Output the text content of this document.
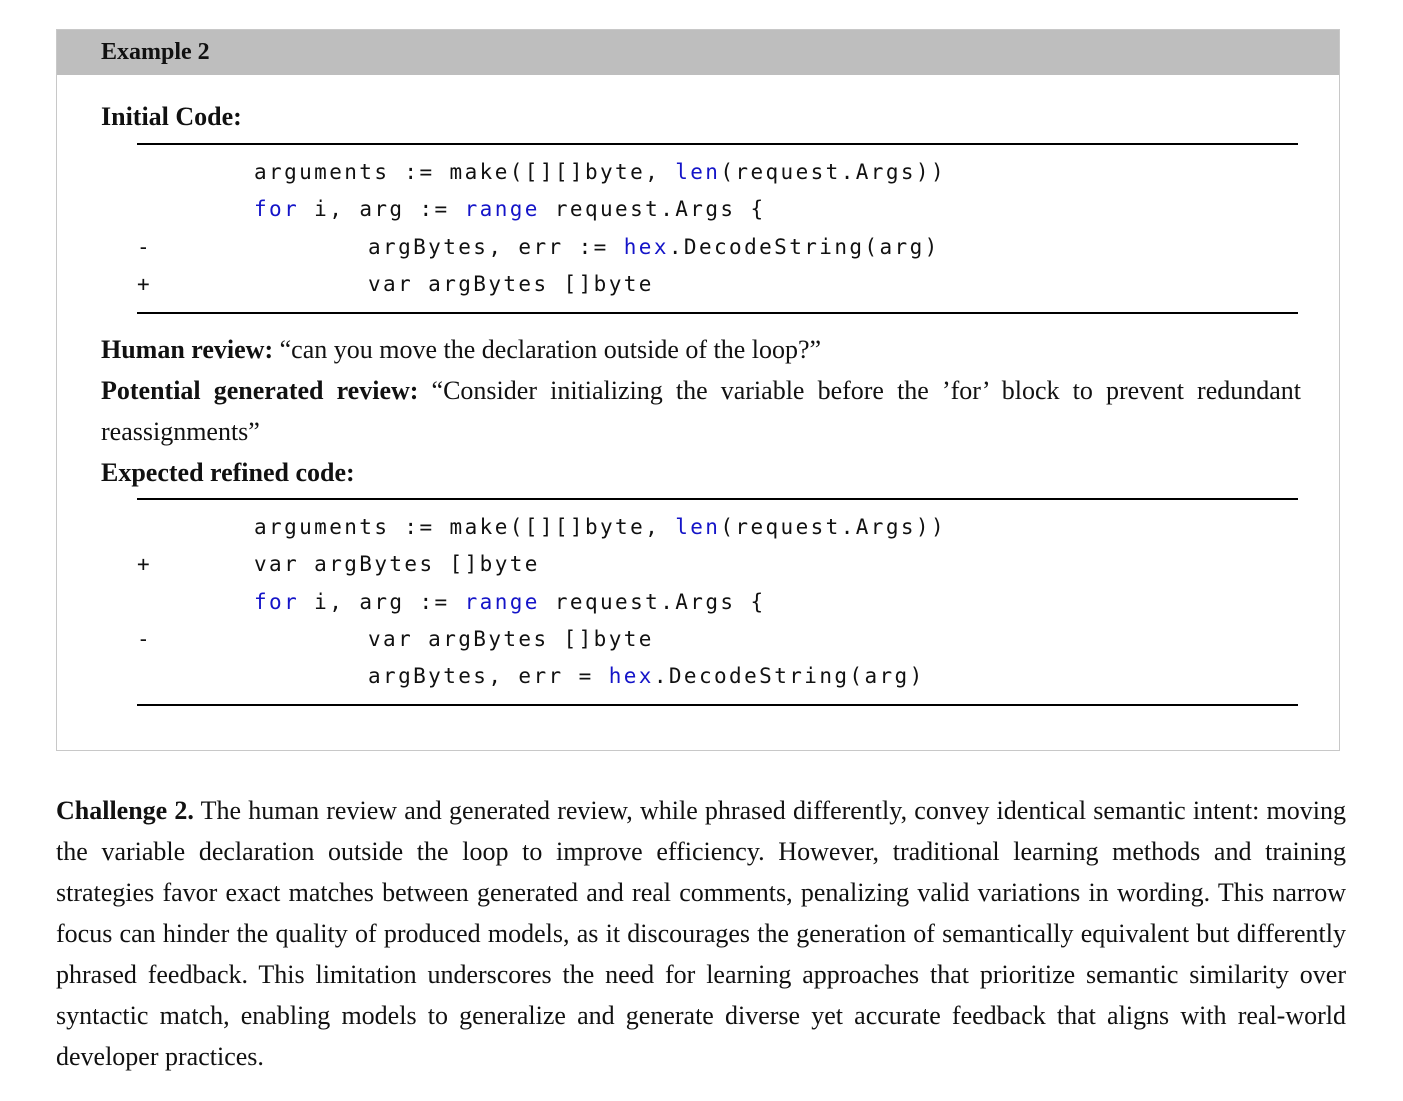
Example 2
Initial Code:
arguments := make([][]byte, len(request.Args))
for i, arg := range request.Args {
-	argBytes, err := hex.DecodeString(arg)
+	var argBytes []byte
Human review: “can you move the declaration outside of the loop?”
Potential generated review: “Consider initializing the variable before the ’for’ block to prevent redundant reassignments”
Expected refined code:
arguments := make([][]byte, len(request.Args))
+	var argBytes []byte
for i, arg := range request.Args {
-	var argBytes []byte
argBytes, err = hex.DecodeString(arg)
Challenge 2. The human review and generated review, while phrased differently, convey identical semantic intent: moving the variable declaration outside the loop to improve efficiency. However, traditional learning methods and training strategies favor exact matches between generated and real comments, penalizing valid variations in wording. This narrow focus can hinder the quality of produced models, as it discourages the generation of semantically equivalent but differently phrased feedback. This limitation underscores the need for learning approaches that prioritize semantic similarity over syntactic match, enabling models to generalize and generate diverse yet accurate feedback that aligns with real-world developer practices.
